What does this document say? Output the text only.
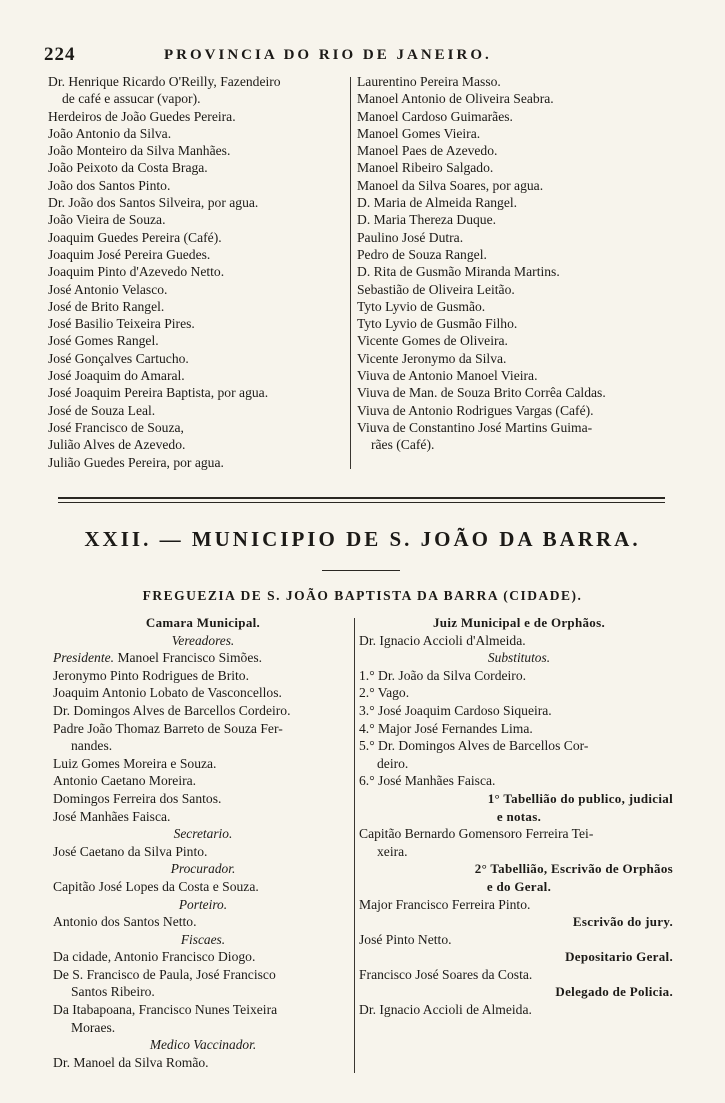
224	PROVINCIA DO RIO DE JANEIRO.
Dr. Henrique Ricardo O'Reilly, Fazendeiro
de café e assucar (vapor).
Herdeiros de João Guedes Pereira.
João Antonio da Silva.
João Monteiro da Silva Manhães.
João Peixoto da Costa Braga.
João dos Santos Pinto.
Dr. João dos Santos Silveira, por agua.
João Vieira de Souza.
Joaquim Guedes Pereira (Café).
Joaquim José Pereira Guedes.
Joaquim Pinto d'Azevedo Netto.
José Antonio Velasco.
José de Brito Rangel.
José Basilio Teixeira Pires.
José Gomes Rangel.
José Gonçalves Cartucho.
José Joaquim do Amaral.
José Joaquim Pereira Baptista, por agua.
José de Souza Leal.
José Francisco de Souza,
Julião Alves de Azevedo.
Julião Guedes Pereira, por agua.
Laurentino Pereira Masso.
Manoel Antonio de Oliveira Seabra.
Manoel Cardoso Guimarães.
Manoel Gomes Vieira.
Manoel Paes de Azevedo.
Manoel Ribeiro Salgado.
Manoel da Silva Soares, por agua.
D. Maria de Almeida Rangel.
D. Maria Thereza Duque.
Paulino José Dutra.
Pedro de Souza Rangel.
D. Rita de Gusmão Miranda Martins.
Sebastião de Oliveira Leitão.
Tyto Lyvio de Gusmão.
Tyto Lyvio de Gusmão Filho.
Vicente Gomes de Oliveira.
Vicente Jeronymo da Silva.
Viuva de Antonio Manoel Vieira.
Viuva de Man. de Souza Brito Corrêa Caldas.
Viuva de Antonio Rodrigues Vargas (Café).
Viuva de Constantino José Martins Guima-
rães (Café).
XXII. — MUNICIPIO DE S. JOÃO DA BARRA.
FREGUEZIA DE S. JOÃO BAPTISTA DA BARRA (CIDADE).
Camara Municipal.
Vereadores.
Presidente. Manoel Francisco Simões.
Jeronymo Pinto Rodrigues de Brito.
Joaquim Antonio Lobato de Vasconcellos.
Dr. Domingos Alves de Barcellos Cordeiro.
Padre João Thomaz Barreto de Souza Fer-
nandes.
Luiz Gomes Moreira e Souza.
Antonio Caetano Moreira.
Domingos Ferreira dos Santos.
José Manhães Faisca.
Secretario.
José Caetano da Silva Pinto.
Procurador.
Capitão José Lopes da Costa e Souza.
Porteiro.
Antonio dos Santos Netto.
Fiscaes.
Da cidade, Antonio Francisco Diogo.
De S. Francisco de Paula, José Francisco
Santos Ribeiro.
Da Itabapoana, Francisco Nunes Teixeira
Moraes.
Medico Vaccinador.
Dr. Manoel da Silva Romão.
Juiz Municipal e de Orphãos.
Dr. Ignacio Accioli d'Almeida.
Substitutos.
1.° Dr. João da Silva Cordeiro.
2.° Vago.
3.° José Joaquim Cardoso Siqueira.
4.° Major José Fernandes Lima.
5.° Dr. Domingos Alves de Barcellos Cor-
deiro.
6.° José Manhães Faisca.
1° Tabellião do publico, judicial
e notas.
Capitão Bernardo Gomensoro Ferreira Tei-
xeira.
2° Tabellião, Escrivão de Orphãos
e do Geral.
Major Francisco Ferreira Pinto.
Escrivão do jury.
José Pinto Netto.
Depositario Geral.
Francisco José Soares da Costa.
Delegado de Policia.
Dr. Ignacio Accioli de Almeida.
